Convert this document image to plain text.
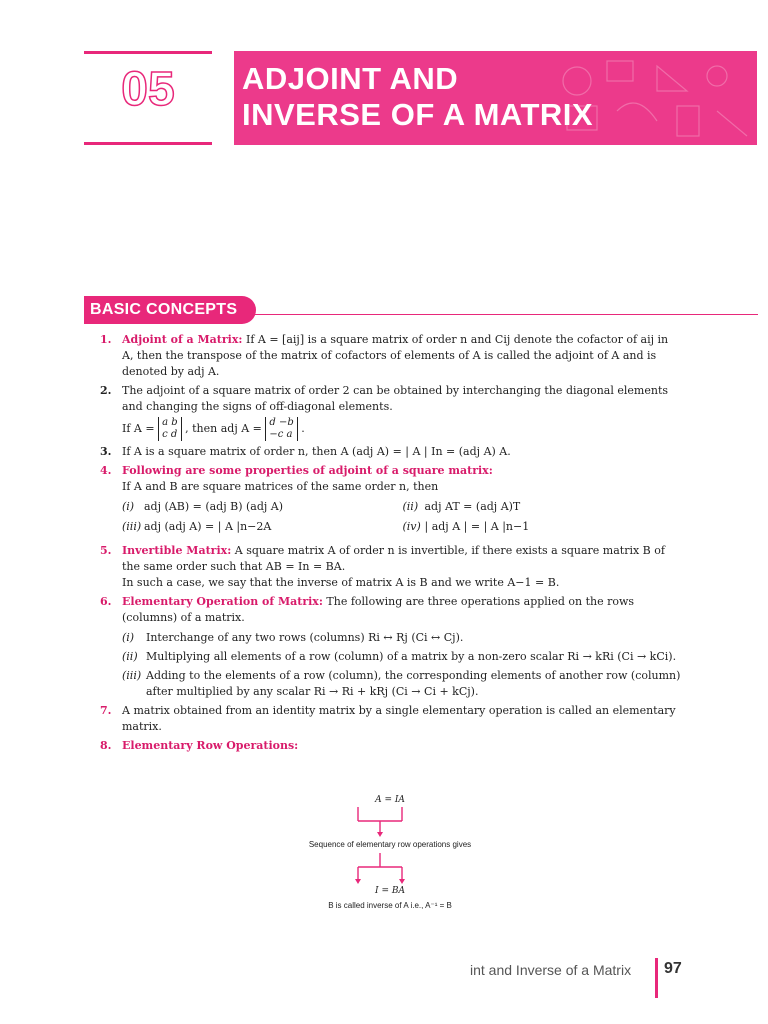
05	ADJOINT AND
INVERSE OF A MATRIX
BASIC CONCEPTS
1. Adjoint of a Matrix: If A = [aij] is a square matrix of order n and Cij denote the cofactor of aij in A, then the transpose of the matrix of cofactors of elements of A is called the adjoint of A and is denoted by adj A.
2. The adjoint of a square matrix of order 2 can be obtained by interchanging the diagonal elements and changing the signs of off-diagonal elements.
If A = a b
c d , then adj A = d −b
−c a .
3. If A is a square matrix of order n, then A (adj A) = | A | In = (adj A) A.
4. Following are some properties of adjoint of a square matrix:
If A and B are square matrices of the same order n, then
(i) adj (AB) = (adj B) (adj A)	(ii) adj AT = (adj A)T
(iii) adj (adj A) = | A |n−2A	(iv) | adj A | = | A |n−1
5. Invertible Matrix: A square matrix A of order n is invertible, if there exists a square matrix B of the same order such that AB = In = BA.
In such a case, we say that the inverse of matrix A is B and we write A−1 = B.
6. Elementary Operation of Matrix: The following are three operations applied on the rows (columns) of a matrix.
(i)	Interchange of any two rows (columns) Ri ↔ Rj (Ci ↔ Cj).
(ii) Multiplying all elements of a row (column) of a matrix by a non-zero scalar Ri → kRi (Ci → kCi).
(iii) Adding to the elements of a row (column), the corresponding elements of another row (column) after multiplied by any scalar Ri → Ri + kRj (Ci → Ci + kCj).
7. A matrix obtained from an identity matrix by a single elementary operation is called an elementary matrix.
8. Elementary Row Operations:
A = IA
Sequence of elementary row operations gives
I = BA
B is called inverse of A i.e., A⁻¹ = B
int and Inverse of a Matrix 97
